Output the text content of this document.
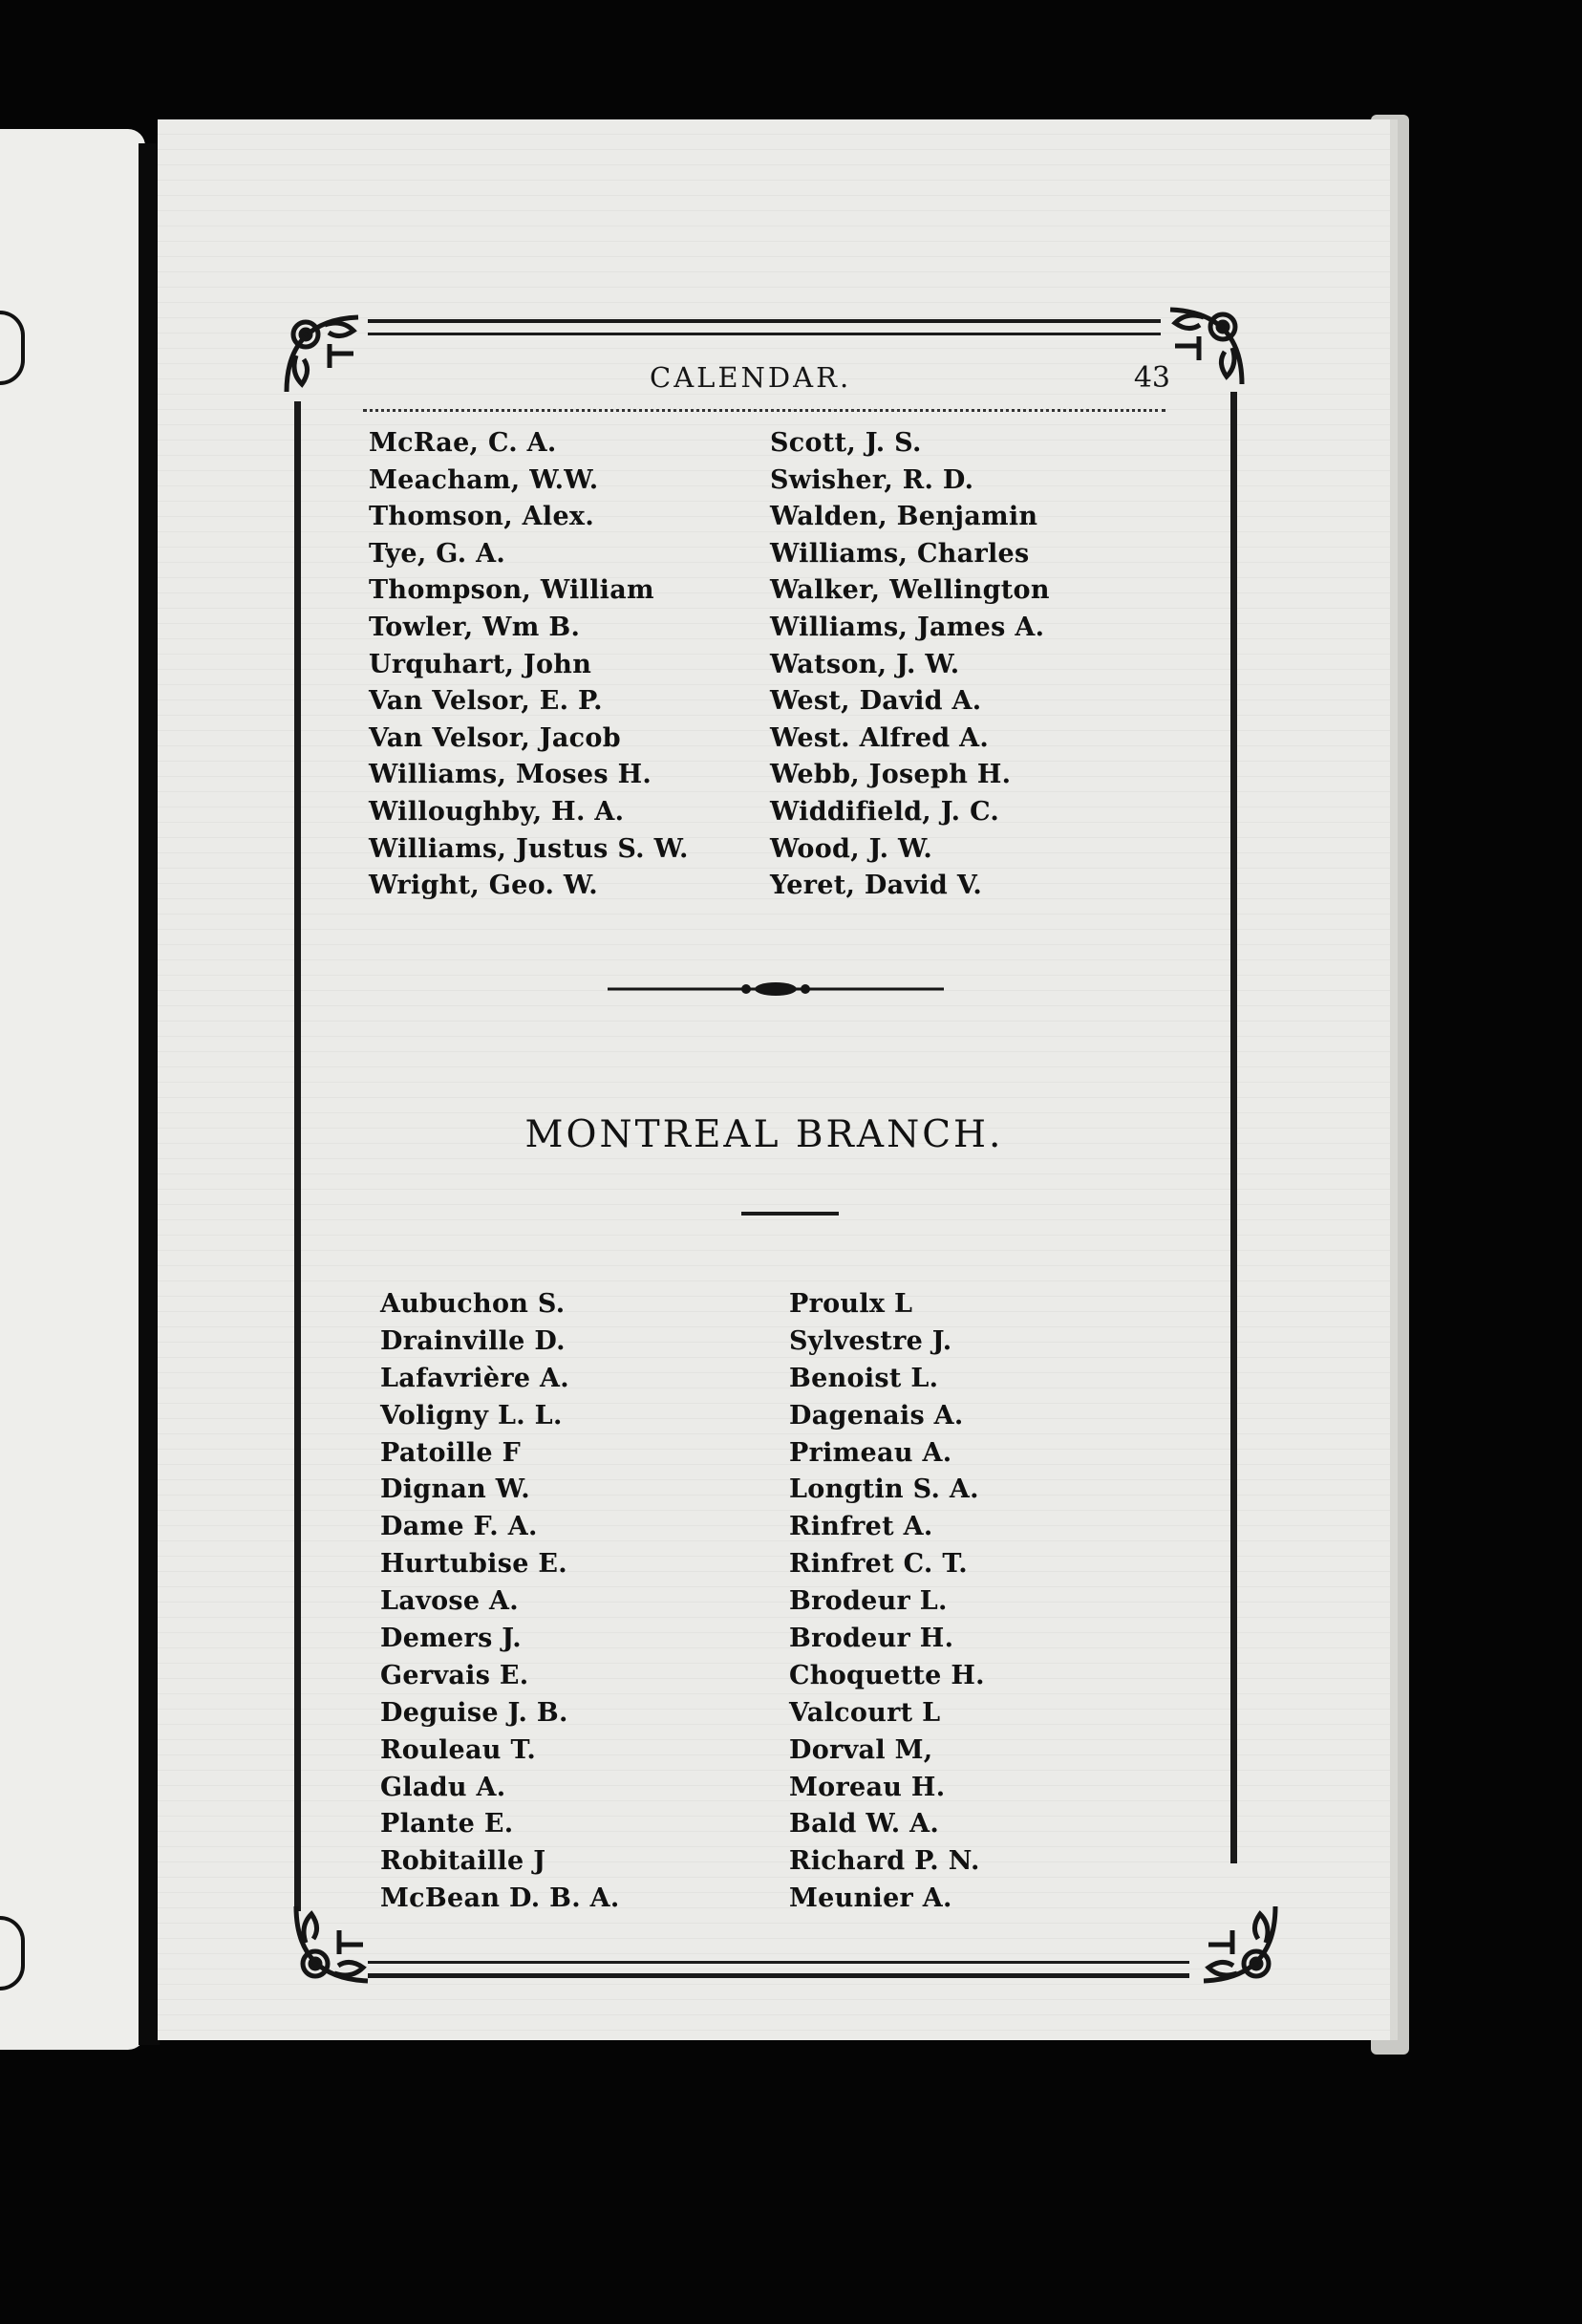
CALENDAR.	43
McRae, C. A.
Meacham, W.W.
Thomson, Alex.
Tye, G. A.
Thompson, William
Towler, Wm B.
Urquhart, John
Van Velsor, E. P.
Van Velsor, Jacob
Williams, Moses H.
Willoughby, H. A.
Williams, Justus S. W.
Wright, Geo. W.
Scott, J. S.
Swisher, R. D.
Walden, Benjamin
Williams, Charles
Walker, Wellington
Williams, James A.
Watson, J. W.
West, David A.
West. Alfred A.
Webb, Joseph H.
Widdifield, J. C.
Wood, J. W.
Yeret, David V.
MONTREAL BRANCH.
Aubuchon S.
Drainville D.
Lafavrière A.
Voligny L. L.
Patoille F
Dignan W.
Dame F. A.
Hurtubise E.
Lavose A.
Demers J.
Gervais E.
Deguise J. B.
Rouleau T.
Gladu A.
Plante E.
Robitaille J
McBean D. B. A.
Proulx L
Sylvestre J.
Benoist L.
Dagenais A.
Primeau A.
Longtin S. A.
Rinfret A.
Rinfret C. T.
Brodeur L.
Brodeur H.
Choquette H.
Valcourt L
Dorval M,
Moreau H.
Bald W. A.
Richard P. N.
Meunier A.
